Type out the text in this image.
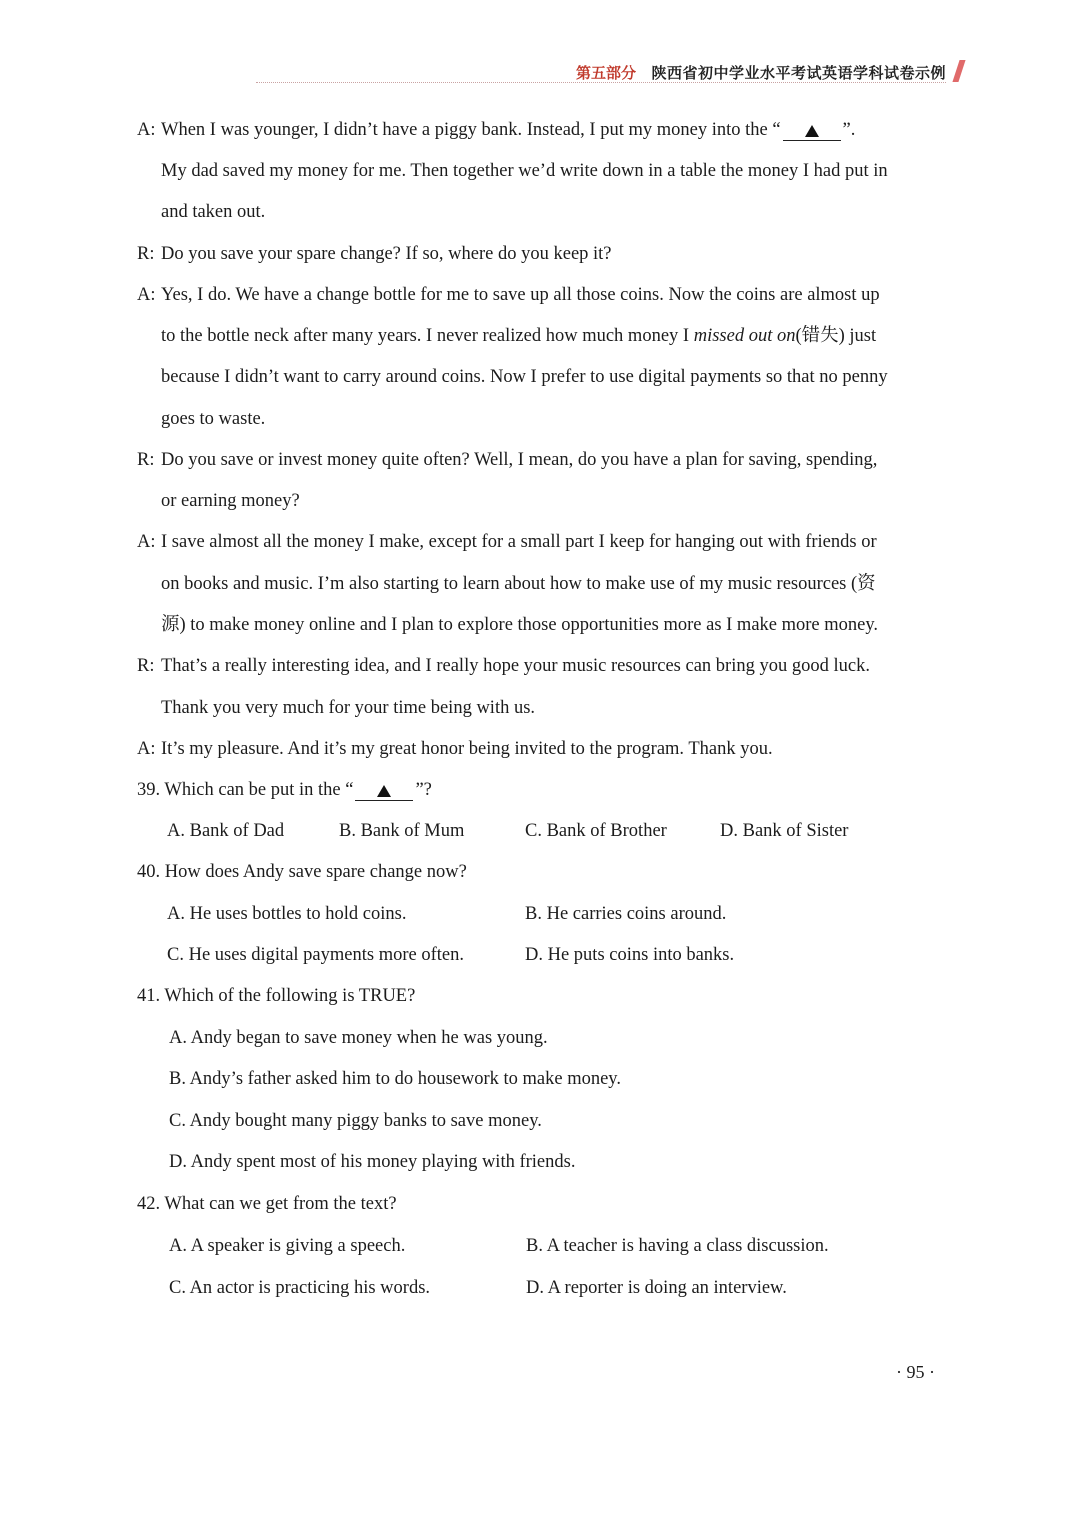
第五部分 陕西省初中学业水平考试英语学科试卷示例
A: When I was younger, I didn’t have a piggy bank. Instead, I put my money into the “	”.
My dad saved my money for me. Then together we’d write down in a table the money I had put in
and taken out.
R: Do you save your spare change? If so, where do you keep it?
A: Yes, I do. We have a change bottle for me to save up all those coins. Now the coins are almost up
to the bottle neck after many years. I never realized how much money I missed out on(错失) just
because I didn’t want to carry around coins. Now I prefer to use digital payments so that no penny
goes to waste.
R: Do you save or invest money quite often? Well, I mean, do you have a plan for saving, spending,
or earning money?
A: I save almost all the money I make, except for a small part I keep for hanging out with friends or
on books and music. I’m also starting to learn about how to make use of my music resources (资
源) to make money online and I plan to explore those opportunities more as I make more money.
R: That’s a really interesting idea, and I really hope your music resources can bring you good luck.
Thank you very much for your time being with us.
A: It’s my pleasure. And it’s my great honor being invited to the program. Thank you.
39. Which can be put in the “	”?
A. Bank of Dad	B. Bank of Mum	C. Bank of Brother	D. Bank of Sister
40. How does Andy save spare change now?
A. He uses bottles to hold coins.	B. He carries coins around.
C. He uses digital payments more often.	D. He puts coins into banks.
41. Which of the following is TRUE?
A. Andy began to save money when he was young.
B. Andy’s father asked him to do housework to make money.
C. Andy bought many piggy banks to save money.
D. Andy spent most of his money playing with friends.
42. What can we get from the text?
A. A speaker is giving a speech.	B. A teacher is having a class discussion.
C. An actor is practicing his words.	D. A reporter is doing an interview.
· 95 ·
